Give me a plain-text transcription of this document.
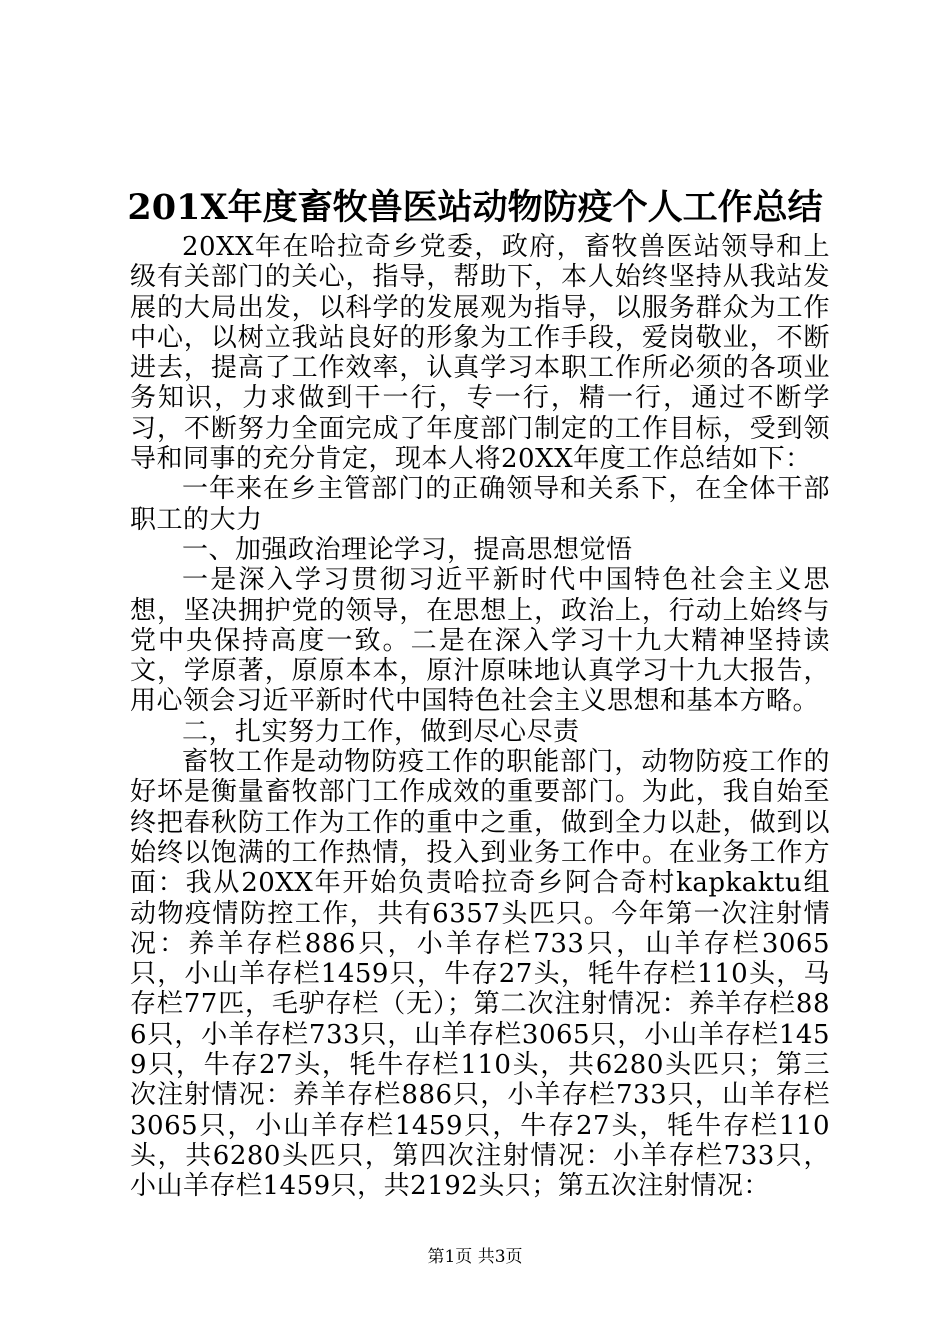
201X年度畜牧兽医站动物防疫个人工作总结

20XX年在哈拉奇乡党委，政府，畜牧兽医站领导和上级有关部门的关心，指导，帮助下，本人始终坚持从我站发展的大局出发，以科学的发展观为指导，以服务群众为工作中心，以树立我站良好的形象为工作手段，爱岗敬业，不断进去，提高了工作效率，认真学习本职工作所必须的各项业务知识，力求做到干一行，专一行，精一行，通过不断学习，不断努力全面完成了年度部门制定的工作目标，受到领导和同事的充分肯定，现本人将20XX年度工作总结如下：

一年来在乡主管部门的正确领导和关系下，在全体干部职工的大力

一、加强政治理论学习，提高思想觉悟

一是深入学习贯彻习近平新时代中国特色社会主义思想，坚决拥护党的领导，在思想上，政治上，行动上始终与党中央保持高度一致。二是在深入学习十九大精神坚持读文，学原著，原原本本，原汁原味地认真学习十九大报告，用心领会习近平新时代中国特色社会主义思想和基本方略。

二，扎实努力工作，做到尽心尽责

畜牧工作是动物防疫工作的职能部门，动物防疫工作的好坏是衡量畜牧部门工作成效的重要部门。为此，我自始至终把春秋防工作为工作的重中之重，做到全力以赴，做到以始终以饱满的工作热情，投入到业务工作中。在业务工作方面：我从20XX年开始负责哈拉奇乡阿合奇村kapkaktu组动物疫情防控工作，共有6357头匹只。今年第一次注射情况：养羊存栏886只，小羊存栏733只，山羊存栏3065只，小山羊存栏1459只，牛存27头，牦牛存栏110头，马存栏77匹，毛驴存栏（无）；第二次注射情况：养羊存栏886只，小羊存栏733只，山羊存栏3065只，小山羊存栏1459只，牛存27头，牦牛存栏110头，共6280头匹只；第三次注射情况：养羊存栏886只，小羊存栏733只，山羊存栏3065只，小山羊存栏1459只，牛存27头，牦牛存栏110头，共6280头匹只，第四次注射情况：小羊存栏733只，小山羊存栏1459只，共2192头只；第五次注射情况：

第1页 共3页
